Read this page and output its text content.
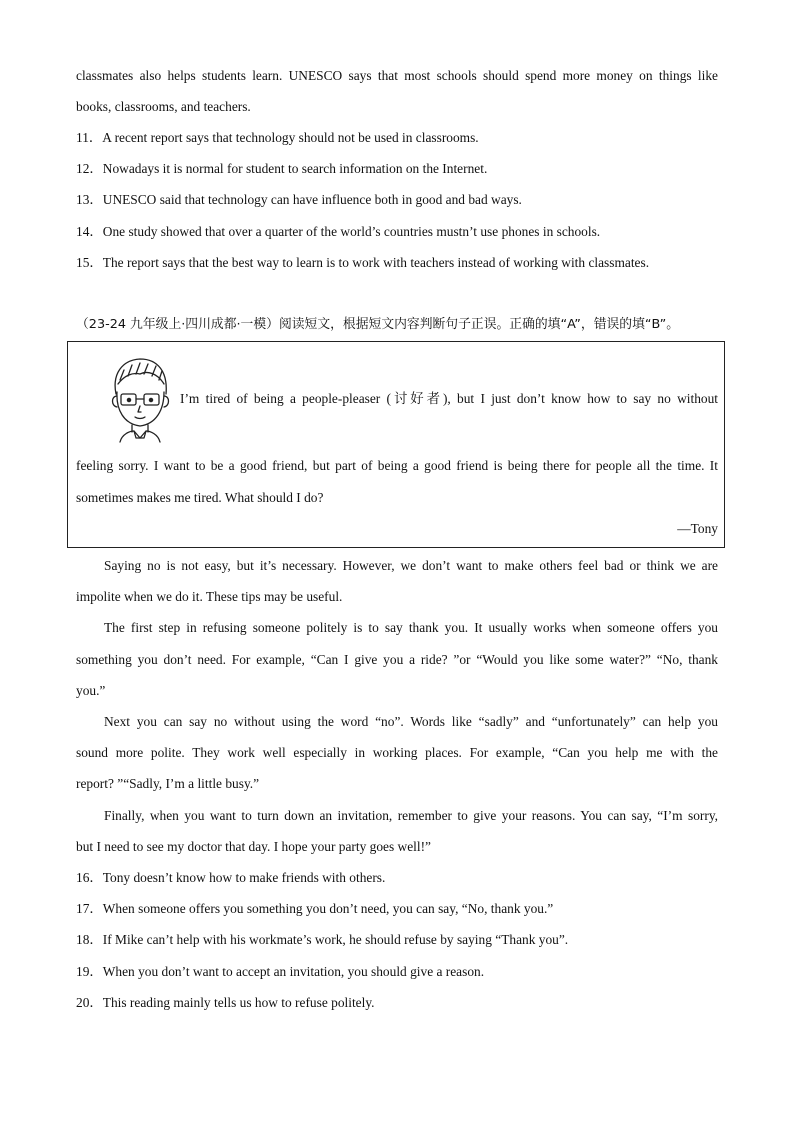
classmates also helps students learn. UNESCO says that most schools should spend more money on things like
books, classrooms, and teachers.
11．A recent report says that technology should not be used in classrooms.
12．Nowadays it is normal for student to search information on the Internet.
13．UNESCO said that technology can have influence both in good and bad ways.
14．One study showed that over a quarter of the world’s countries mustn’t use phones in schools.
15．The report says that the best way to learn is to work with teachers instead of working with classmates.
（23-24 九年级上·四川成都·一模）阅读短文，根据短文内容判断句子正误。正确的填“A”，错误的填“B”。
I’m tired of being a people-pleaser (讨好者), but I just don’t know how to say no without
feeling sorry. I want to be a good friend, but part of being a good friend is being there for people all the time. It
sometimes makes me tired. What should I do?
—Tony
Saying no is not easy, but it’s necessary. However, we don’t want to make others feel bad or think we are
impolite when we do it. These tips may be useful.
The first step in refusing someone politely is to say thank you. It usually works when someone offers you
something you don’t need. For example, “Can I give you a ride? ”or “Would you like some water?” “No, thank
you.”
Next you can say no without using the word “no”. Words like “sadly” and “unfortunately” can help you
sound more polite. They work well especially in working places. For example, “Can you help me with the
report? ”“Sadly, I’m a little busy.”
Finally, when you want to turn down an invitation, remember to give your reasons. You can say, “I’m sorry,
but I need to see my doctor that day. I hope your party goes well!”
16．Tony doesn’t know how to make friends with others.
17．When someone offers you something you don’t need, you can say, “No, thank you.”
18．If Mike can’t help with his workmate’s work, he should refuse by saying “Thank you”.
19．When you don’t want to accept an invitation, you should give a reason.
20．This reading mainly tells us how to refuse politely.
